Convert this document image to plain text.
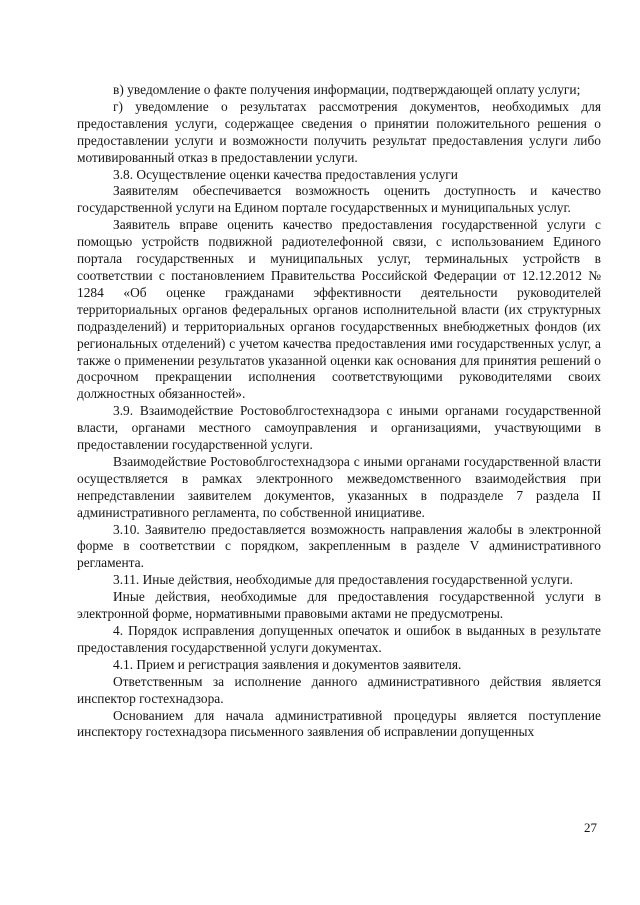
в) уведомление о факте получения информации, подтверждающей оплату услуги;

г) уведомление о результатах рассмотрения документов, необходимых для предоставления услуги, содержащее сведения о принятии положительного решения о предоставлении услуги и возможности получить результат предоставления услуги либо мотивированный отказ в предоставлении услуги.

3.8. Осуществление оценки качества предоставления услуги

Заявителям обеспечивается возможность оценить доступность и качество государственной услуги на Едином портале государственных и муниципальных услуг.

Заявитель вправе оценить качество предоставления государственной услуги с помощью устройств подвижной радиотелефонной связи, с использованием Единого портала государственных и муниципальных услуг, терминальных устройств в соответствии с постановлением Правительства Российской Федерации от 12.12.2012 № 1284 «Об оценке гражданами эффективности деятельности руководителей территориальных органов федеральных органов исполнительной власти (их структурных подразделений) и территориальных органов государственных внебюджетных фондов (их региональных отделений) с учетом качества предоставления ими государственных услуг, а также о применении результатов указанной оценки как основания для принятия решений о досрочном прекращении исполнения соответствующими руководителями своих должностных обязанностей».

3.9. Взаимодействие Ростовоблгостехнадзора с иными органами государственной власти, органами местного самоуправления и организациями, участвующими в предоставлении государственной услуги.

Взаимодействие Ростовоблгостехнадзора с иными органами государственной власти осуществляется в рамках электронного межведомственного взаимодействия при непредставлении заявителем документов, указанных в подразделе 7 раздела II административного регламента, по собственной инициативе.

3.10. Заявителю предоставляется возможность направления жалобы в электронной форме в соответствии с порядком, закрепленным в разделе V административного регламента.

3.11. Иные действия, необходимые для предоставления государственной услуги.

Иные действия, необходимые для предоставления государственной услуги в электронной форме, нормативными правовыми актами не предусмотрены.

4. Порядок исправления допущенных опечаток и ошибок в выданных в результате предоставления государственной услуги документах.

4.1. Прием и регистрация заявления и документов заявителя.

Ответственным за исполнение данного административного действия является инспектор гостехнадзора.

Основанием для начала административной процедуры является поступление инспектору гостехнадзора письменного заявления об исправлении допущенных

27
